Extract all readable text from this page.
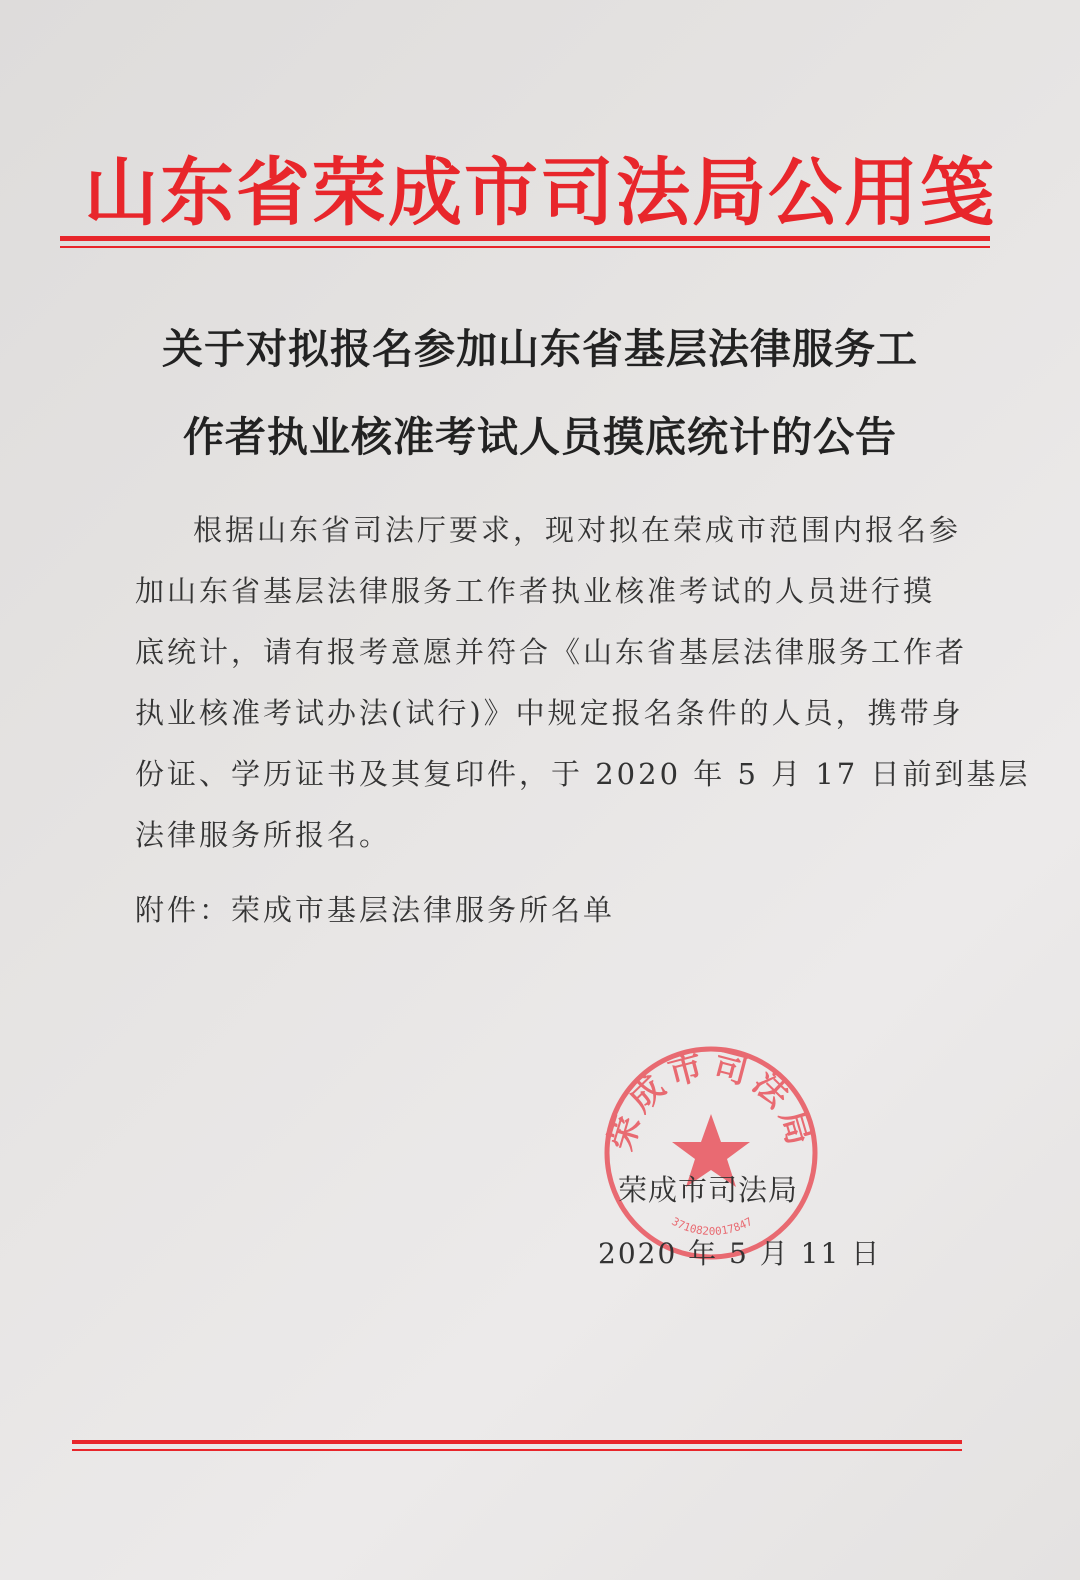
山东省荣成市司法局公用笺
关于对拟报名参加山东省基层法律服务工
作者执业核准考试人员摸底统计的公告
根据山东省司法厅要求，现对拟在荣成市范围内报名参
加山东省基层法律服务工作者执业核准考试的人员进行摸
底统计，请有报考意愿并符合《山东省基层法律服务工作者
执业核准考试办法(试行)》中规定报名条件的人员，携带身
份证、学历证书及其复印件，于 2020 年 5 月 17 日前到基层
法律服务所报名。
附件：荣成市基层法律服务所名单
荣成市司法局
3710820017847
荣成市司法局
2020 年 5 月 11 日
